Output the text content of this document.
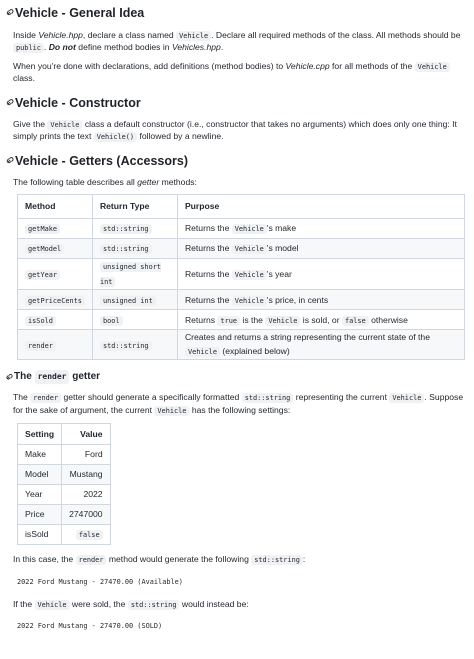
Vehicle - General Idea

Inside Vehicle.hpp, declare a class named Vehicle . Declare all required methods of the class. All methods should be public . Do not define method bodies in Vehicles.hpp.

When you're done with declarations, add definitions (method bodies) to Vehicle.cpp for all methods of the Vehicle class.

Vehicle - Constructor

Give the Vehicle class a default constructor (i.e., constructor that takes no arguments) which does only one thing: It simply prints the text Vehicle() followed by a newline.

Vehicle - Getters (Accessors)

The following table describes all getter methods:

Method	Return Type	Purpose
getMake	std::string	Returns the Vehicle 's make
getModel	std::string	Returns the Vehicle 's model
getYear	unsigned short int	Returns the Vehicle 's year
getPriceCents	unsigned int	Returns the Vehicle 's price, in cents
isSold	bool	Returns true is the Vehicle is sold, or false otherwise
render	std::string	Creates and returns a string representing the current state of the Vehicle (explained below)
The render getter

The render getter should generate a specifically formatted std::string representing the current Vehicle . Suppose for the sake of argument, the current Vehicle has the following settings:

Setting	Value
Make	Ford
Model	Mustang
Year	2022
Price	2747000
isSold	false

In this case, the render method would generate the following std::string :

2022 Ford Mustang - 27470.00 (Available)

If the Vehicle were sold, the std::string would instead be:

2022 Ford Mustang - 27470.00 (SOLD)
